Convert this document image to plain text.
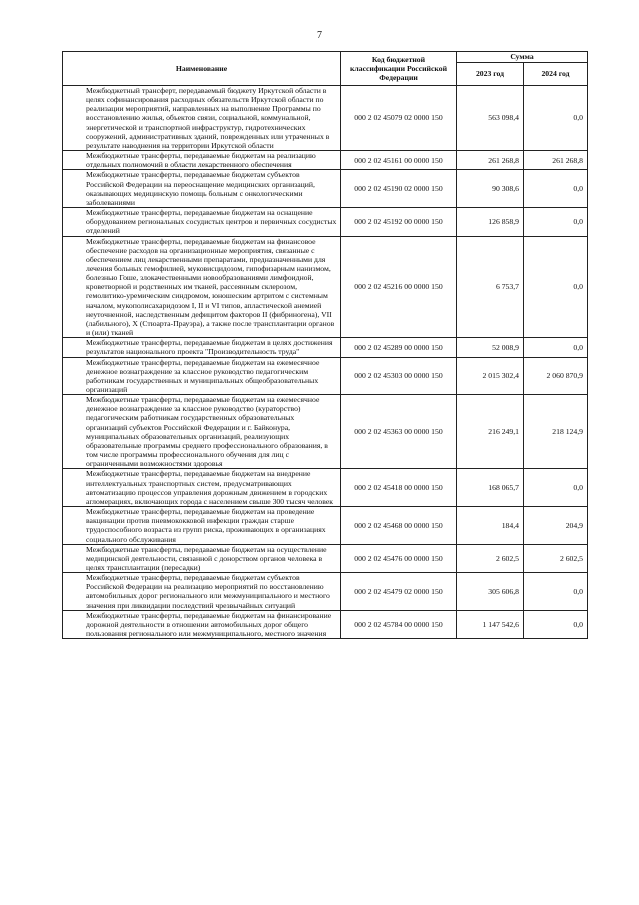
7
Наименование	Код бюджетной классификации Российской Федерации	Сумма	
		2023 год	2024 год
Межбюджетный трансферт, передаваемый бюджету Иркутской области в целях софинансирования расходных обязательств Иркутской области по реализации мероприятий, направленных на выполнение Программы по восстановлению жилья, объектов связи, социальной, коммунальной, энергетической и транспортной инфраструктур, гидротехнических сооружений, административных зданий, поврежденных или утраченных в результате наводнения на территории Иркутской области	000 2 02 45079 02 0000 150	563 098,4	0,0
Межбюджетные трансферты, передаваемые бюджетам на реализацию отдельных полномочий в области лекарственного обеспечения	000 2 02 45161 00 0000 150	261 268,8	261 268,8
Межбюджетные трансферты, передаваемые бюджетам субъектов Российской Федерации на переоснащение медицинских организаций, оказывающих медицинскую помощь больным с онкологическими заболеваниями	000 2 02 45190 02 0000 150	90 308,6	0,0
Межбюджетные трансферты, передаваемые бюджетам на оснащение оборудованием региональных сосудистых центров и первичных сосудистых отделений	000 2 02 45192 00 0000 150	126 858,9	0,0
Межбюджетные трансферты, передаваемые бюджетам на финансовое обеспечение расходов на организационные мероприятия, связанные с обеспечением лиц лекарственными препаратами, предназначенными для лечения больных гемофилией, муковисцидозом, гипофизарным нанизмом, болезнью Гоше, злокачественными новообразованиями лимфоидной, кроветворной и родственных им тканей, рассеянным склерозом, гемолитико-уремическим синдромом, юношеским артритом с системным началом, мукополисахаридозом I, II и VI типов, апластической анемией неуточненной, наследственным дефицитом факторов II (фибриногена), VII (лабильного), X (Стюарта-Прауэра), а также после трансплантации органов и (или) тканей	000 2 02 45216 00 0000 150	6 753,7	0,0
Межбюджетные трансферты, передаваемые бюджетам в целях достижения результатов национального проекта "Производительность труда"	000 2 02 45289 00 0000 150	52 008,9	0,0
Межбюджетные трансферты, передаваемые бюджетам на ежемесячное денежное вознаграждение за классное руководство педагогическим работникам государственных и муниципальных общеобразовательных организаций	000 2 02 45303 00 0000 150	2 015 302,4	2 060 870,9
Межбюджетные трансферты, передаваемые бюджетам на ежемесячное денежное вознаграждение за классное руководство (кураторство) педагогическим работникам государственных образовательных организаций субъектов Российской Федерации и г. Байконура, муниципальных образовательных организаций, реализующих образовательные программы среднего профессионального образования, в том числе программы профессионального обучения для лиц с ограниченными возможностями здоровья	000 2 02 45363 00 0000 150	216 249,1	218 124,9
Межбюджетные трансферты, передаваемые бюджетам на внедрение интеллектуальных транспортных систем, предусматривающих автоматизацию процессов управления дорожным движением в городских агломерациях, включающих города с населением свыше 300 тысяч человек	000 2 02 45418 00 0000 150	168 065,7	0,0
Межбюджетные трансферты, передаваемые бюджетам на проведение вакцинации против пневмококковой инфекции граждан старше трудоспособного возраста из групп риска, проживающих в организациях социального обслуживания	000 2 02 45468 00 0000 150	184,4	204,9
Межбюджетные трансферты, передаваемые бюджетам на осуществление медицинской деятельности, связанной с донорством органов человека в целях трансплантации (пересадки)	000 2 02 45476 00 0000 150	2 602,5	2 602,5
Межбюджетные трансферты, передаваемые бюджетам субъектов Российской Федерации на реализацию мероприятий по восстановлению автомобильных дорог регионального или межмуниципального и местного значения при ликвидации последствий чрезвычайных ситуаций	000 2 02 45479 02 0000 150	305 606,8	0,0
Межбюджетные трансферты, передаваемые бюджетам на финансирование дорожной деятельности в отношении автомобильных дорог общего пользования регионального или межмуниципального, местного значения	000 2 02 45784 00 0000 150	1 147 542,6	0,0
